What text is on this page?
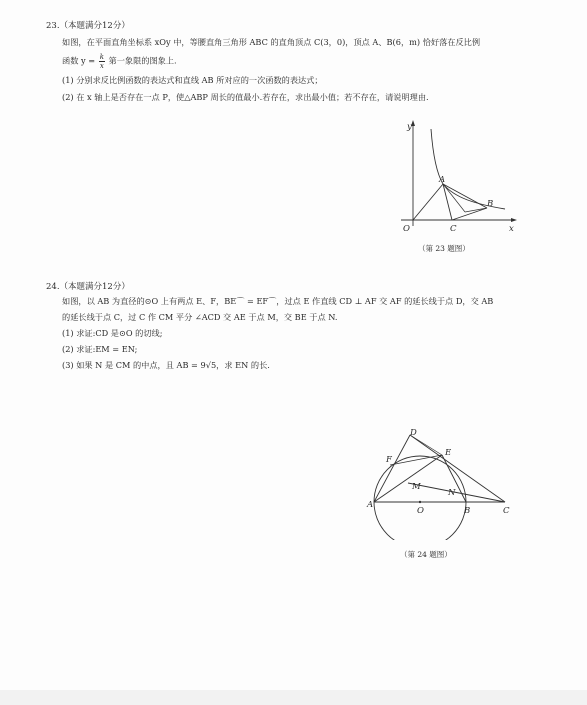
23.（本题满分12分）
如图，在平面直角坐标系 xOy 中，等腰直角三角形 ABC 的直角顶点 C(3，0)，顶点 A、B(6，m) 恰好落在反比例
函数 $y = \frac{k}{x}$ 第一象限的图象上.
(1) 分别求反比例函数的表达式和直线 AB 所对应的一次函数的表达式；
(2) 在 x 轴上是否存在一点 P，使△ABP 周长的值最小.若存在，求出最小值；若不存在，请说明理由.
y
x
O
A
B
C
（第 23 题图）
24.（本题满分12分）
如图，以 AB 为直径的⊙O 上有两点 E、F，BE⌒ = EF⌒，过点 E 作直线 CD ⊥ AF 交 AF 的延长线于点 D，交 AB
的延长线于点 C，过 C 作 CM 平分 ∠ACD 交 AE 于点 M，交 BE 于点 N.
(1) 求证:CD 是⊙O 的切线;
(2) 求证:EM = EN;
(3) 如果 N 是 CM 的中点，且 AB = 9√5，求 EN 的长.
D
E
F
M
N
A
O	B	C
（第 24 题图）
